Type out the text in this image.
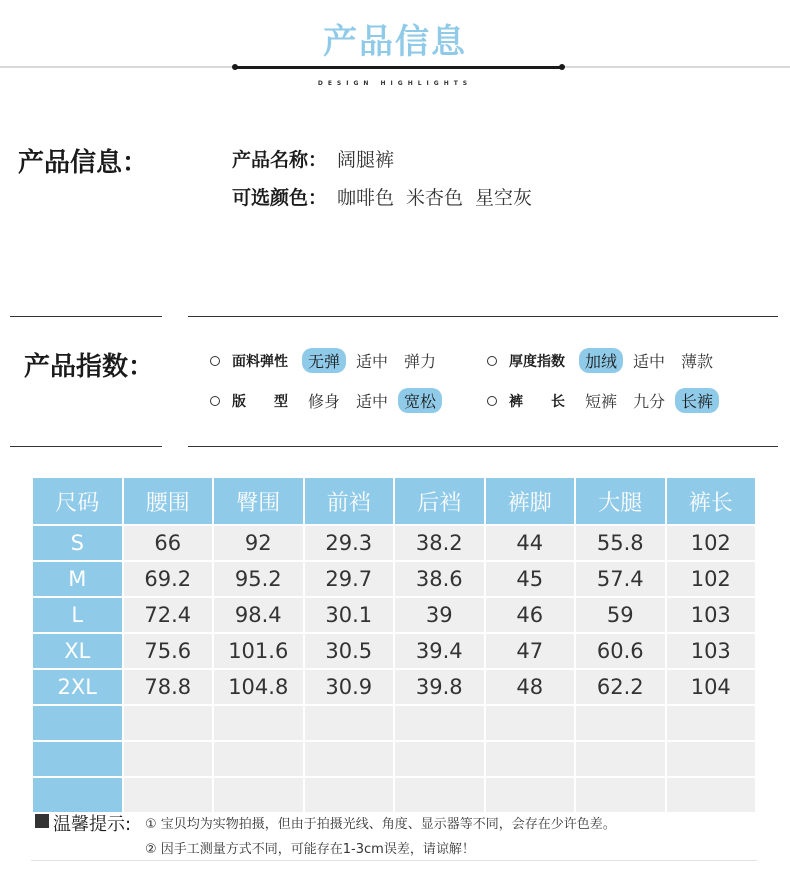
产品信息
DESIGN HIGHLIGHTS
产品信息：	产品名称： 阔腿裤
可选颜色： 咖啡色 米杏色 星空灰
产品指数：	面料弹性	无弹	适中	弹力	厚度指数	加绒	适中	薄款
版　　型	修身	适中	宽松	裤　　长	短裤	九分	长裤
尺码	腰围	臀围	前裆	后裆	裤脚	大腿	裤长
S	66	92	29.3	38.2	44	55.8	102
M	69.2	95.2	29.7	38.6	45	57.4	102
L	72.4	98.4	30.1	39	46	59	103
XL	75.6	101.6	30.5	39.4	47	60.6	103
2XL	78.8	104.8	30.9	39.8	48	62.2	104

温馨提示: ① 宝贝均为实物拍摄，但由于拍摄光线、角度、显示器等不同，会存在少许色差。
② 因手工测量方式不同，可能存在1-3cm误差，请谅解！
